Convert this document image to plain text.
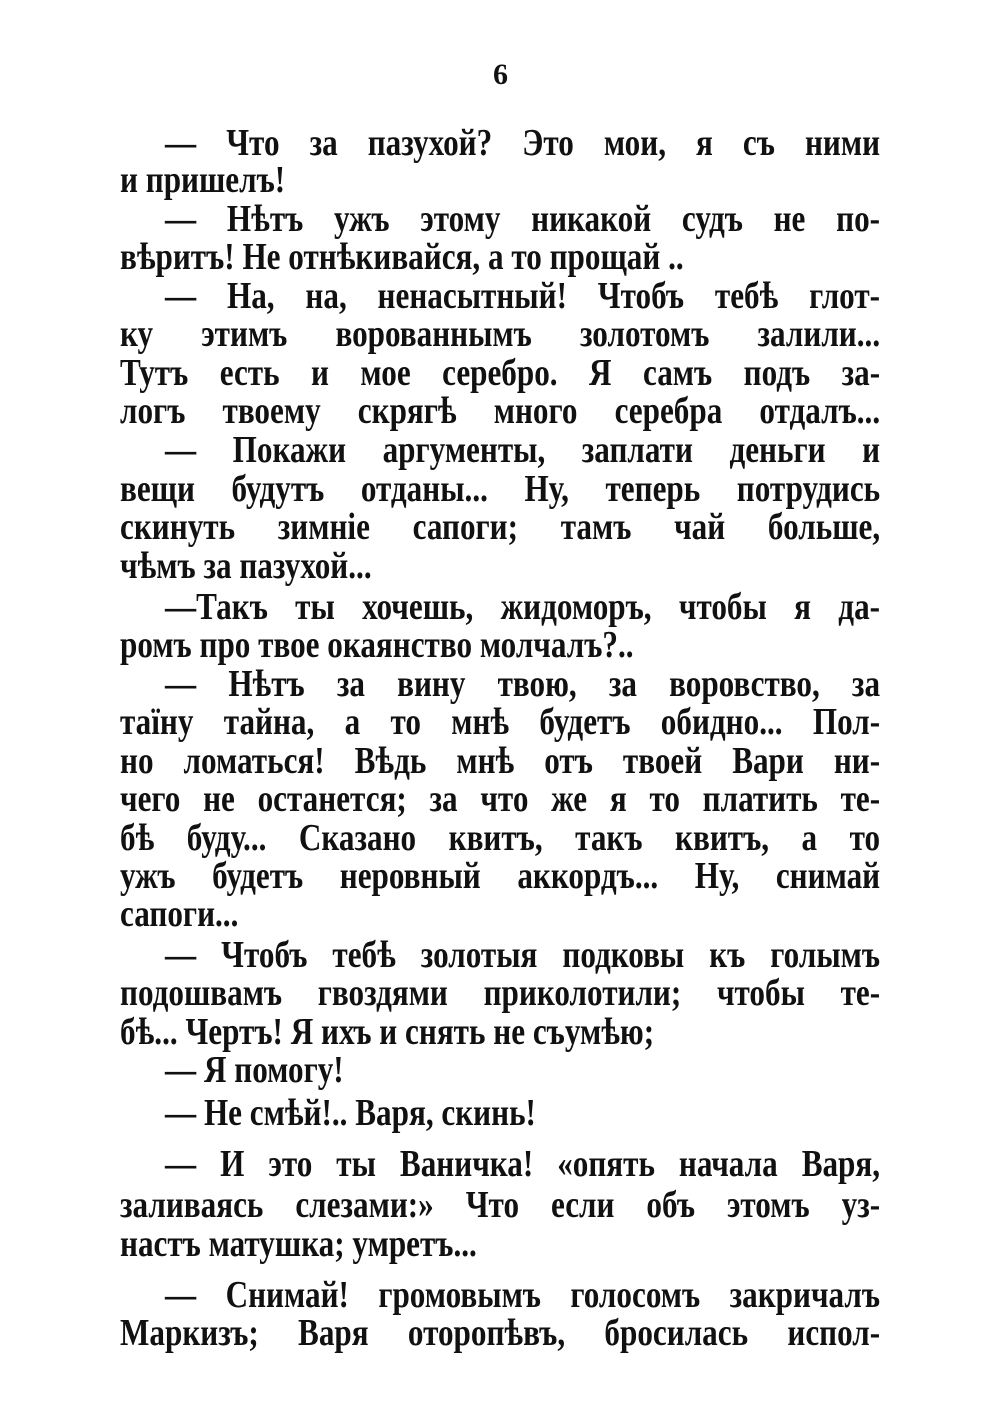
6
— Что за пазухой? Это мои, я съ ними
и пришелъ!
— Нѣтъ ужъ этому никакой судъ не по-
вѣритъ! Не отнѣкивайся, а то прощай ..
— На, на, ненасытный! Чтобъ тебѣ глот-
ку этимъ ворованнымъ золотомъ залили...
Тутъ есть и мое серебро. Я самъ подъ за-
логъ твоему скрягѣ много серебра отдалъ...
— Покажи аргументы, заплати деньги и
вещи будутъ отданы... Ну, теперь потрудись
скинуть зимніе сапоги; тамъ чай больше,
чѣмъ за пазухой...
—Такъ ты хочешь, жидоморъ, чтобы я да-
ромъ про твое окаянство молчалъ?..
— Нѣтъ за вину твою, за воровство, за
таїну тайна, а то мнѣ будетъ обидно... Пол-
но ломаться! Вѣдь мнѣ отъ твоей Вари ни-
чего не останется; за что же я то платить те-
бѣ буду... Сказано квитъ, такъ квитъ, а то
ужъ будетъ неровный аккордъ... Ну, снимай
сапоги...
— Чтобъ тебѣ золотыя подковы къ голымъ
подошвамъ гвоздями приколотили; чтобы те-
бѣ... Чертъ! Я ихъ и снять не съумѣю;
— Я помогу!
— Не смѣй!.. Варя, скинь!
— И это ты Ваничка! «опять начала Варя,
заливаясь слезами:» Что если объ этомъ уз-
настъ матушка; умретъ...
— Снимай! громовымъ голосомъ закричалъ
Маркизъ; Варя оторопѣвъ, бросилась испол-
